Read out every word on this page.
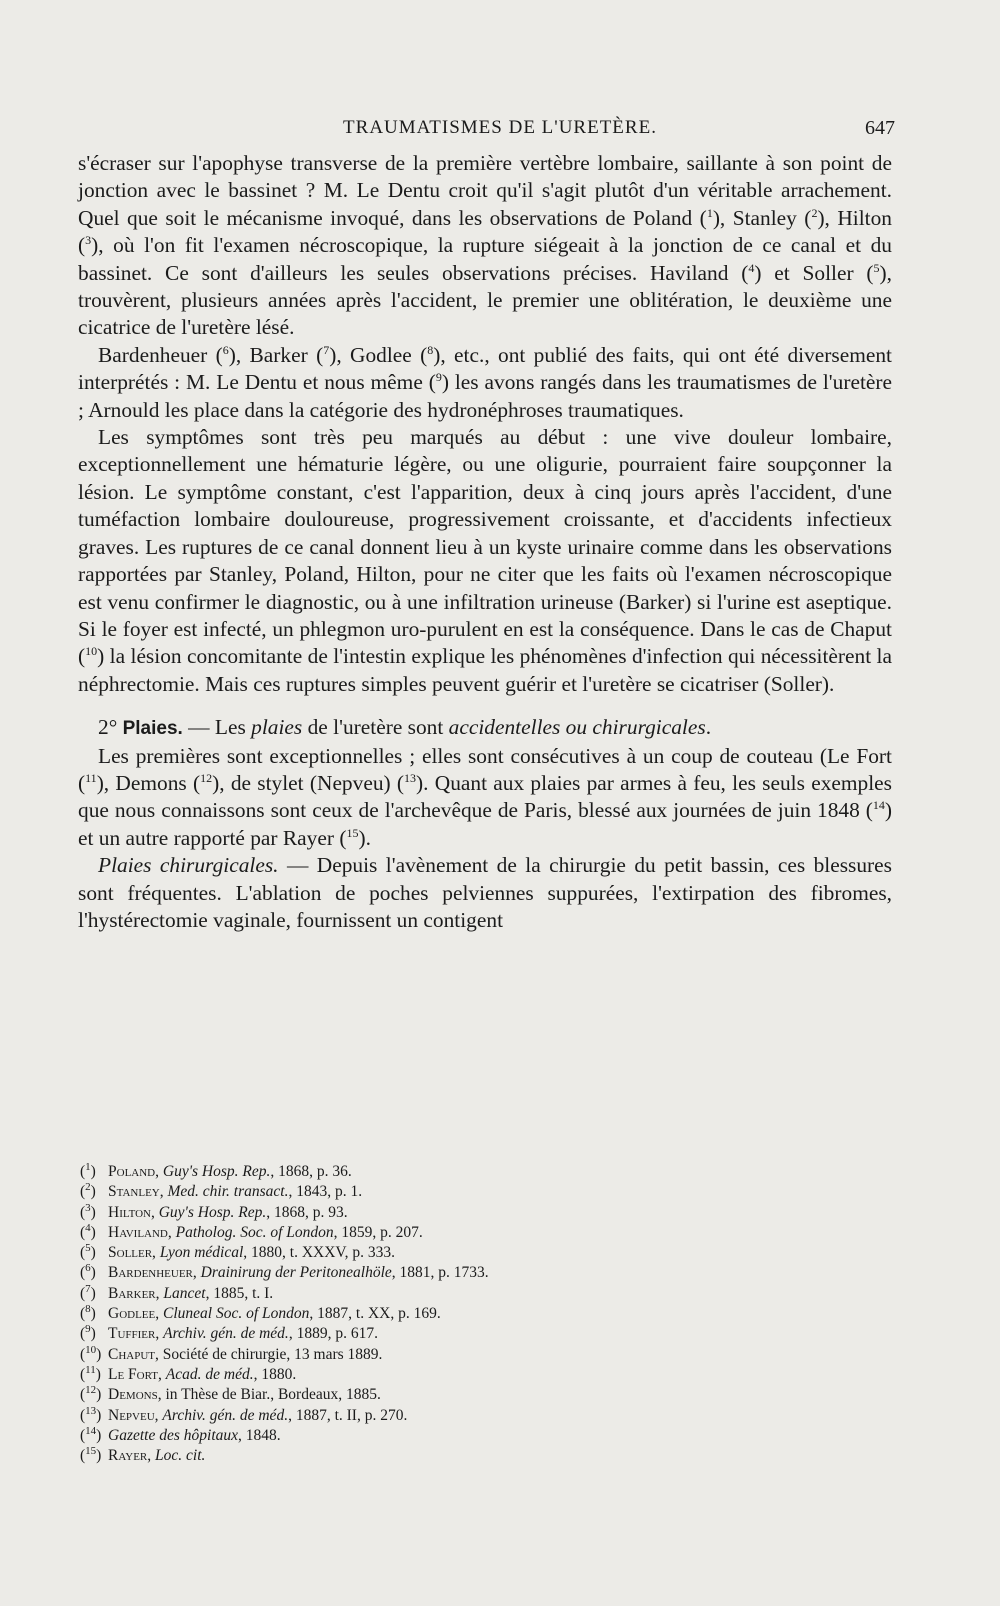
TRAUMATISMES DE L'URETÈRE.	647

s'écraser sur l'apophyse transverse de la première vertèbre lombaire, saillante à son point de jonction avec le bassinet ? M. Le Dentu croit qu'il s'agit plutôt d'un véritable arrachement. Quel que soit le mécanisme invoqué, dans les observations de Poland ($^1$), Stanley ($^2$), Hilton ($^3$), où l'on fit l'examen nécroscopique, la rupture siégeait à la jonction de ce canal et du bassinet. Ce sont d'ailleurs les seules observations précises. Haviland ($^4$) et Soller ($^5$), trouvèrent, plusieurs années après l'accident, le premier une oblitération, le deuxième une cicatrice de l'uretère lésé.

Bardenheuer ($^6$), Barker ($^7$), Godlee ($^8$), etc., ont publié des faits, qui ont été diversement interprétés : M. Le Dentu et nous même ($^9$) les avons rangés dans les traumatismes de l'uretère ; Arnould les place dans la catégorie des hydronéphroses traumatiques.

Les symptômes sont très peu marqués au début : une vive douleur lombaire, exceptionnellement une hématurie légère, ou une oligurie, pourraient faire soupçonner la lésion. Le symptôme constant, c'est l'apparition, deux à cinq jours après l'accident, d'une tuméfaction lombaire douloureuse, progressivement croissante, et d'accidents infectieux graves. Les ruptures de ce canal donnent lieu à un kyste urinaire comme dans les observations rapportées par Stanley, Poland, Hilton, pour ne citer que les faits où l'examen nécroscopique est venu confirmer le diagnostic, ou à une infiltration urineuse (Barker) si l'urine est aseptique. Si le foyer est infecté, un phlegmon uro-purulent en est la conséquence. Dans le cas de Chaput ($^{10}$) la lésion concomitante de l'intestin explique les phénomènes d'infection qui nécessitèrent la néphrectomie. Mais ces ruptures simples peuvent guérir et l'uretère se cicatriser (Soller).

2° Plaies. — Les plaies de l'uretère sont accidentelles ou chirurgicales.

Les premières sont exceptionnelles ; elles sont consécutives à un coup de couteau (Le Fort ($^{11}$), Demons ($^{12}$), de stylet (Nepveu) ($^{13}$). Quant aux plaies par armes à feu, les seuls exemples que nous connaissons sont ceux de l'archevêque de Paris, blessé aux journées de juin 1848 ($^{14}$) et un autre rapporté par Rayer ($^{15}$).

Plaies chirurgicales. — Depuis l'avènement de la chirurgie du petit bassin, ces blessures sont fréquentes. L'ablation de poches pelviennes suppurées, l'extirpation des fibromes, l'hystérectomie vaginale, fournissent un contigent

($^1$) Poland, Guy's Hosp. Rep., 1868, p. 36.
($^2$) Stanley, Med. chir. transact., 1843, p. 1.
($^3$) Hilton, Guy's Hosp. Rep., 1868, p. 93.
($^4$) Haviland, Patholog. Soc. of London, 1859, p. 207.
($^5$) Soller, Lyon médical, 1880, t. XXXV, p. 333.
($^6$) Bardenheuer, Drainirung der Peritonealhöle, 1881, p. 1733.
($^7$) Barker, Lancet, 1885, t. I.
($^8$) Godlee, Cluneal Soc. of London, 1887, t. XX, p. 169.
($^9$) Tuffier, Archiv. gén. de méd., 1889, p. 617.
($^{10}$) Chaput, Société de chirurgie, 13 mars 1889.
($^{11}$) Le Fort, Acad. de méd., 1880.
($^{12}$) Demons, in Thèse de Biar., Bordeaux, 1885.
($^{13}$) Nepveu, Archiv. gén. de méd., 1887, t. II, p. 270.
($^{14}$) Gazette des hôpitaux, 1848.
($^{15}$) Rayer, Loc. cit.
